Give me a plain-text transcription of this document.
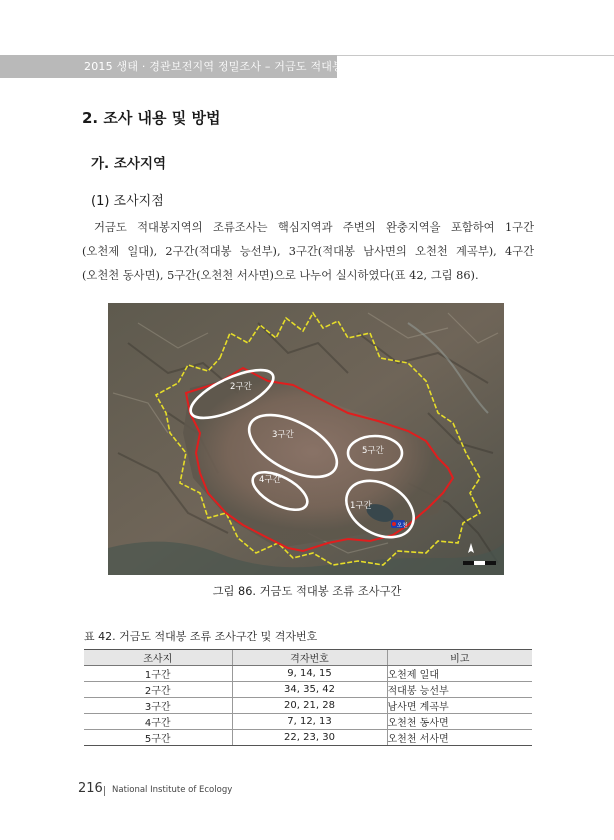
2015 생태 · 경관보전지역 정밀조사 – 거금도 적대봉
2. 조사 내용 및 방법
가. 조사지역
(1) 조사지점

거금도 적대봉지역의 조류조사는 핵심지역과 주변의 완충지역을 포함하여 1구간

(오천제 일대), 2구간(적대봉 능선부), 3구간(적대봉 남사면의 오천천 계곡부), 4구간

(오천천 동사면), 5구간(오천천 서사면)으로 나누어 실시하였다(표 42, 그림 86).

2구간
3구간
5구간
4구간
1구간
오천
그림 86. 거금도 적대봉 조류 조사구간
표 42. 거금도 적대봉 조류 조사구간 및 격자번호
조사지	격자번호	비고
1구간	9, 14, 15	오천제 일대
2구간	34, 35, 42	적대봉 능선부
3구간	20, 21, 28	남사면 계곡부
4구간	7, 12, 13	오천천 동사면
5구간	22, 23, 30	오천천 서사면
216 National Institute of Ecology
